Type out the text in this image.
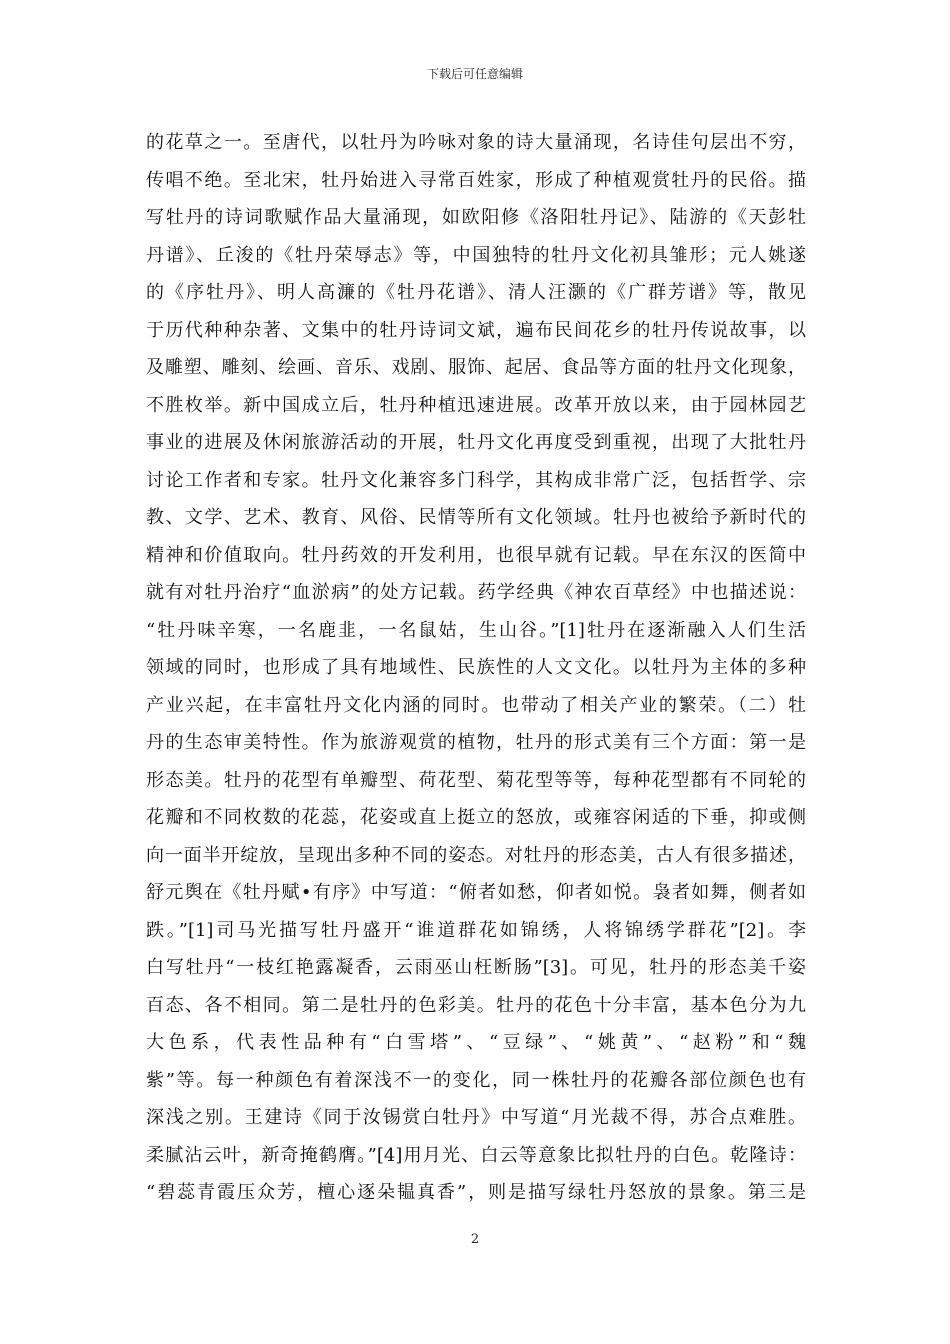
下载后可任意编辑
的花草之一。至唐代，以牡丹为吟咏对象的诗大量涌现，名诗佳句层出不穷，
传唱不绝。至北宋，牡丹始进入寻常百姓家，形成了种植观赏牡丹的民俗。描
写牡丹的诗词歌赋作品大量涌现，如欧阳修《洛阳牡丹记》、陆游的《天彭牡
丹谱》、丘浚的《牡丹荣辱志》等，中国独特的牡丹文化初具雏形；元人姚遂
的《序牡丹》、明人高濂的《牡丹花谱》、清人汪灏的《广群芳谱》等，散见
于历代种种杂著、文集中的牡丹诗词文斌，遍布民间花乡的牡丹传说故事，以
及雕塑、雕刻、绘画、音乐、戏剧、服饰、起居、食品等方面的牡丹文化现象，
不胜枚举。新中国成立后，牡丹种植迅速进展。改革开放以来，由于园林园艺
事业的进展及休闲旅游活动的开展，牡丹文化再度受到重视，出现了大批牡丹
讨论工作者和专家。牡丹文化兼容多门科学，其构成非常广泛，包括哲学、宗
教、文学、艺术、教育、风俗、民情等所有文化领域。牡丹也被给予新时代的
精神和价值取向。牡丹药效的开发利用，也很早就有记载。早在东汉的医简中
就有对牡丹治疗“血淤病”的处方记载。药学经典《神农百草经》中也描述说：
“牡丹味辛寒，一名鹿韭，一名鼠姑，生山谷。”[1]牡丹在逐渐融入人们生活
领域的同时，也形成了具有地域性、民族性的人文文化。以牡丹为主体的多种
产业兴起，在丰富牡丹文化内涵的同时。也带动了相关产业的繁荣。（二）牡
丹的生态审美特性。作为旅游观赏的植物，牡丹的形式美有三个方面：第一是
形态美。牡丹的花型有单瓣型、荷花型、菊花型等等，每种花型都有不同轮的
花瓣和不同枚数的花蕊，花姿或直上挺立的怒放，或雍容闲适的下垂，抑或侧
向一面半开绽放，呈现出多种不同的姿态。对牡丹的形态美，古人有很多描述，
舒元舆在《牡丹赋•有序》中写道：“俯者如愁，仰者如悦。袅者如舞，侧者如
跌。”[1]司马光描写牡丹盛开“谁道群花如锦绣，人将锦绣学群花”[2]。李
白写牡丹“一枝红艳露凝香，云雨巫山枉断肠”[3]。可见，牡丹的形态美千姿
百态、各不相同。第二是牡丹的色彩美。牡丹的花色十分丰富，基本色分为九
大色系，代表性品种有“白雪塔”、“豆绿”、“姚黄”、“赵粉”和“魏
紫”等。每一种颜色有着深浅不一的变化，同一株牡丹的花瓣各部位颜色也有
深浅之别。王建诗《同于汝锡赏白牡丹》中写道“月光裁不得，苏合点难胜。
柔腻沾云叶，新奇掩鹤膺。”[4]用月光、白云等意象比拟牡丹的白色。乾隆诗：
“碧蕊青霞压众芳，檀心逐朵韫真香”，则是描写绿牡丹怒放的景象。第三是
2
